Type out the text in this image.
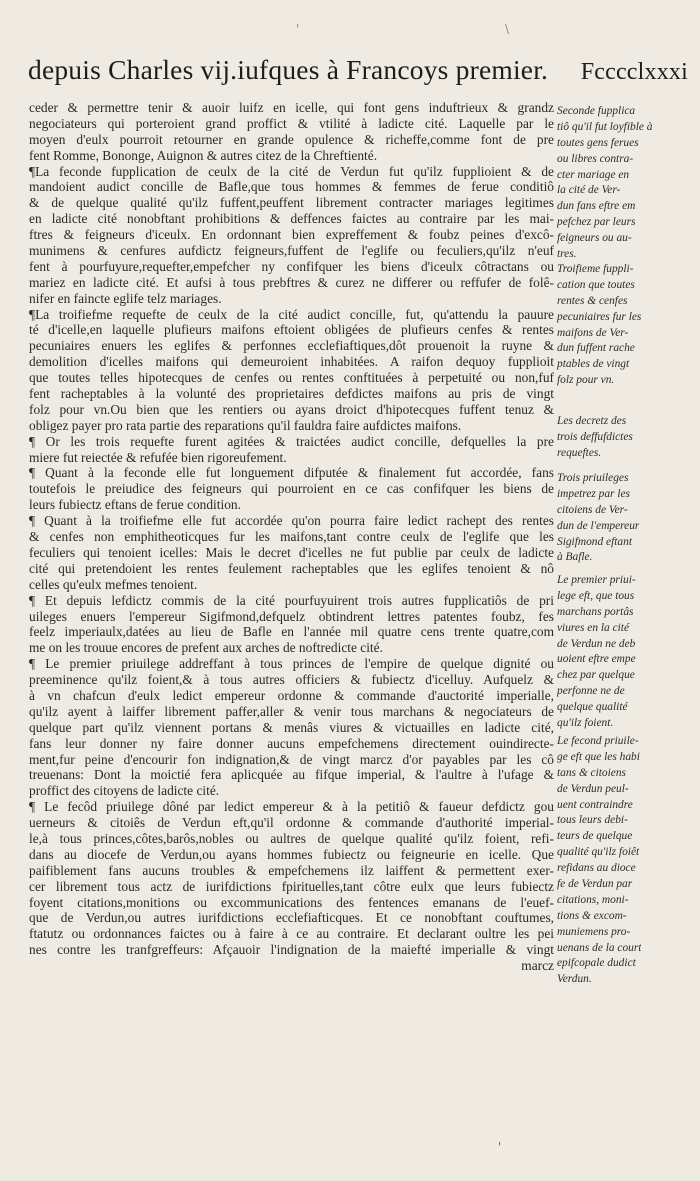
'	\
depuis Charles vij.iufques à Francoys premier. Fcccclxxxi
ceder & permettre tenir & auoir luifz en icelle, qui font gens induftrieux & grandz
negociateurs qui porteroient grand proffict & vtilité à ladicte cité. Laquelle par le
moyen d'eulx pourroit retourner en grande opulence & richeffe,comme font de pre
fent Romme, Bononge, Auignon & autres citez de la Chreftienté.
¶La feconde fupplication de ceulx de la cité de Verdun fut qu'ilz fupplioient & de
mandoient audict concille de Bafle,que tous hommes & femmes de ferue conditiô
& de quelque qualité qu'ilz fuffent,peuffent librement contracter mariages legitimes
en ladicte cité nonobftant prohibitions & deffences faictes au contraire par les mai-
ftres & feigneurs d'iceulx. En ordonnant bien expreffement & foubz peines d'excô-
munimens & cenfures aufdictz feigneurs,fuffent de l'eglife ou feculiers,qu'ilz n'euf
fent à pourfuyure,requefter,empefcher ny confifquer les biens d'iceulx côtractans ou
mariez en ladicte cité. Et aufsi à tous prebftres & curez ne differer ou reffufer de folê-
nifer en faincte eglife telz mariages.
¶La troifiefme requefte de ceulx de la cité audict concille, fut, qu'attendu la pauure
té d'icelle,en laquelle plufieurs maifons eftoient obligées de plufieurs cenfes & rentes
pecuniaires enuers les eglifes & perfonnes ecclefiaftiques,dôt prouenoit la ruyne &
demolition d'icelles maifons qui demeuroient inhabitées. A raifon dequoy fupplioit
que toutes telles hipotecques de cenfes ou rentes conftituées à perpetuité ou non,fuf
fent racheptables à la volunté des proprietaires defdictes maifons au pris de vingt
folz pour vn.Ou bien que les rentiers ou ayans droict d'hipotecques fuffent tenuz &
obligez payer pro rata partie des reparations qu'il fauldra faire aufdictes maifons.
¶ Or les trois requefte furent agitées & traictées audict concille, defquelles la pre
miere fut reiectée & refufée bien rigoreufement.
¶ Quant à la feconde elle fut longuement difputée & finalement fut accordée, fans
toutefois le preiudice des feigneurs qui pourroient en ce cas confifquer les biens de
leurs fubiectz eftans de ferue condition.
¶ Quant à la troifiefme elle fut accordée qu'on pourra faire ledict rachept des rentes
& cenfes non emphitheoticques fur les maifons,tant contre ceulx de l'eglife que les
feculiers qui tenoient icelles: Mais le decret d'icelles ne fut publie par ceulx de ladicte
cité qui pretendoient les rentes feulement racheptables que les eglifes tenoient & nô
celles qu'eulx mefmes tenoient.
¶ Et depuis lefdictz commis de la cité pourfuyuirent trois autres fupplicatiôs de pri
uileges enuers l'empereur Sigifmond,defquelz obtindrent lettres patentes foubz, fes
feelz imperiaulx,datées au lieu de Bafle en l'année mil quatre cens trente quatre,com
me on les trouue encores de prefent aux arches de noftredicte cité.
¶ Le premier priuilege addreffant à tous princes de l'empire de quelque dignité ou
preeminence qu'ilz foient,& à tous autres officiers & fubiectz d'icelluy. Aufquelz &
à vn chafcun d'eulx ledict empereur ordonne & commande d'auctorité imperialle,
qu'ilz ayent à laiffer librement paffer,aller & venir tous marchans & negociateurs de
quelque part qu'ilz viennent portans & menâs viures & victuailles en ladicte cité,
fans leur donner ny faire donner aucuns empefchemens directement ouindirecte-
ment,fur peine d'encourir fon indignation,& de vingt marcz d'or payables par les cô
treuenans: Dont la moictié fera aplicquée au fifque imperial, & l'aultre à l'ufage &
proffict des citoyens de ladicte cité.
¶ Le fecôd priuilege dôné par ledict empereur & à la petitiô & faueur defdictz gou
uerneurs & citoiês de Verdun eft,qu'il ordonne & commande d'authorité imperial-
le,à tous princes,côtes,barôs,nobles ou aultres de quelque qualité qu'ilz foient, refi-
dans au diocefe de Verdun,ou ayans hommes fubiectz ou feigneurie en icelle. Que
paifiblement fans aucuns troubles & empefchemens ilz laiffent & permettent exer-
cer librement tous actz de iurifdictions fpirituelles,tant côtre eulx que leurs fubiectz
foyent citations,monitions ou excommunications des fentences emanans de l'euef-
que de Verdun,ou autres iurifdictions ecclefiafticques. Et ce nonobftant couftumes,
ftatutz ou ordonnances faictes ou à faire à ce au contraire. Et declarant oultre les pei
nes contre les tranfgreffeurs: Afçauoir l'indignation de la maiefté imperialle & vingt
marcz
Seconde fupplica
tiô qu'il fut loyfible à
toutes gens ferues
ou libres contra-
cter mariage en
la cité de Ver-
dun fans eftre em
pefchez par leurs
feigneurs ou au-
tres.
Troifieme fuppli-
cation que toutes
rentes & cenfes
pecuniaires fur les
maifons de Ver-
dun fuffent rache
ptables de vingt
folz pour vn.
Les decretz des
trois deffufdictes
requeftes.
Trois priuileges
impetrez par les
citoiens de Ver-
dun de l'empereur
Sigifmond eftant
à Bafle.
Le premier priui-
lege eft, que tous
marchans portâs
viures en la cité
de Verdun ne deb
uoient eftre empe
chez par quelque
perfonne ne de
quelque qualité
qu'ilz foient.
Le fecond priuile-
ge eft que les habi
tans & citoiens
de Verdun peul-
uent contraindre
tous leurs debi-
teurs de quelque
qualité qu'ilz foiêt
refidans au dioce
fe de Verdun par
citations, moni-
tions & excom-
muniemens pro-
uenans de la court
epifcopale dudict
Verdun.
'
